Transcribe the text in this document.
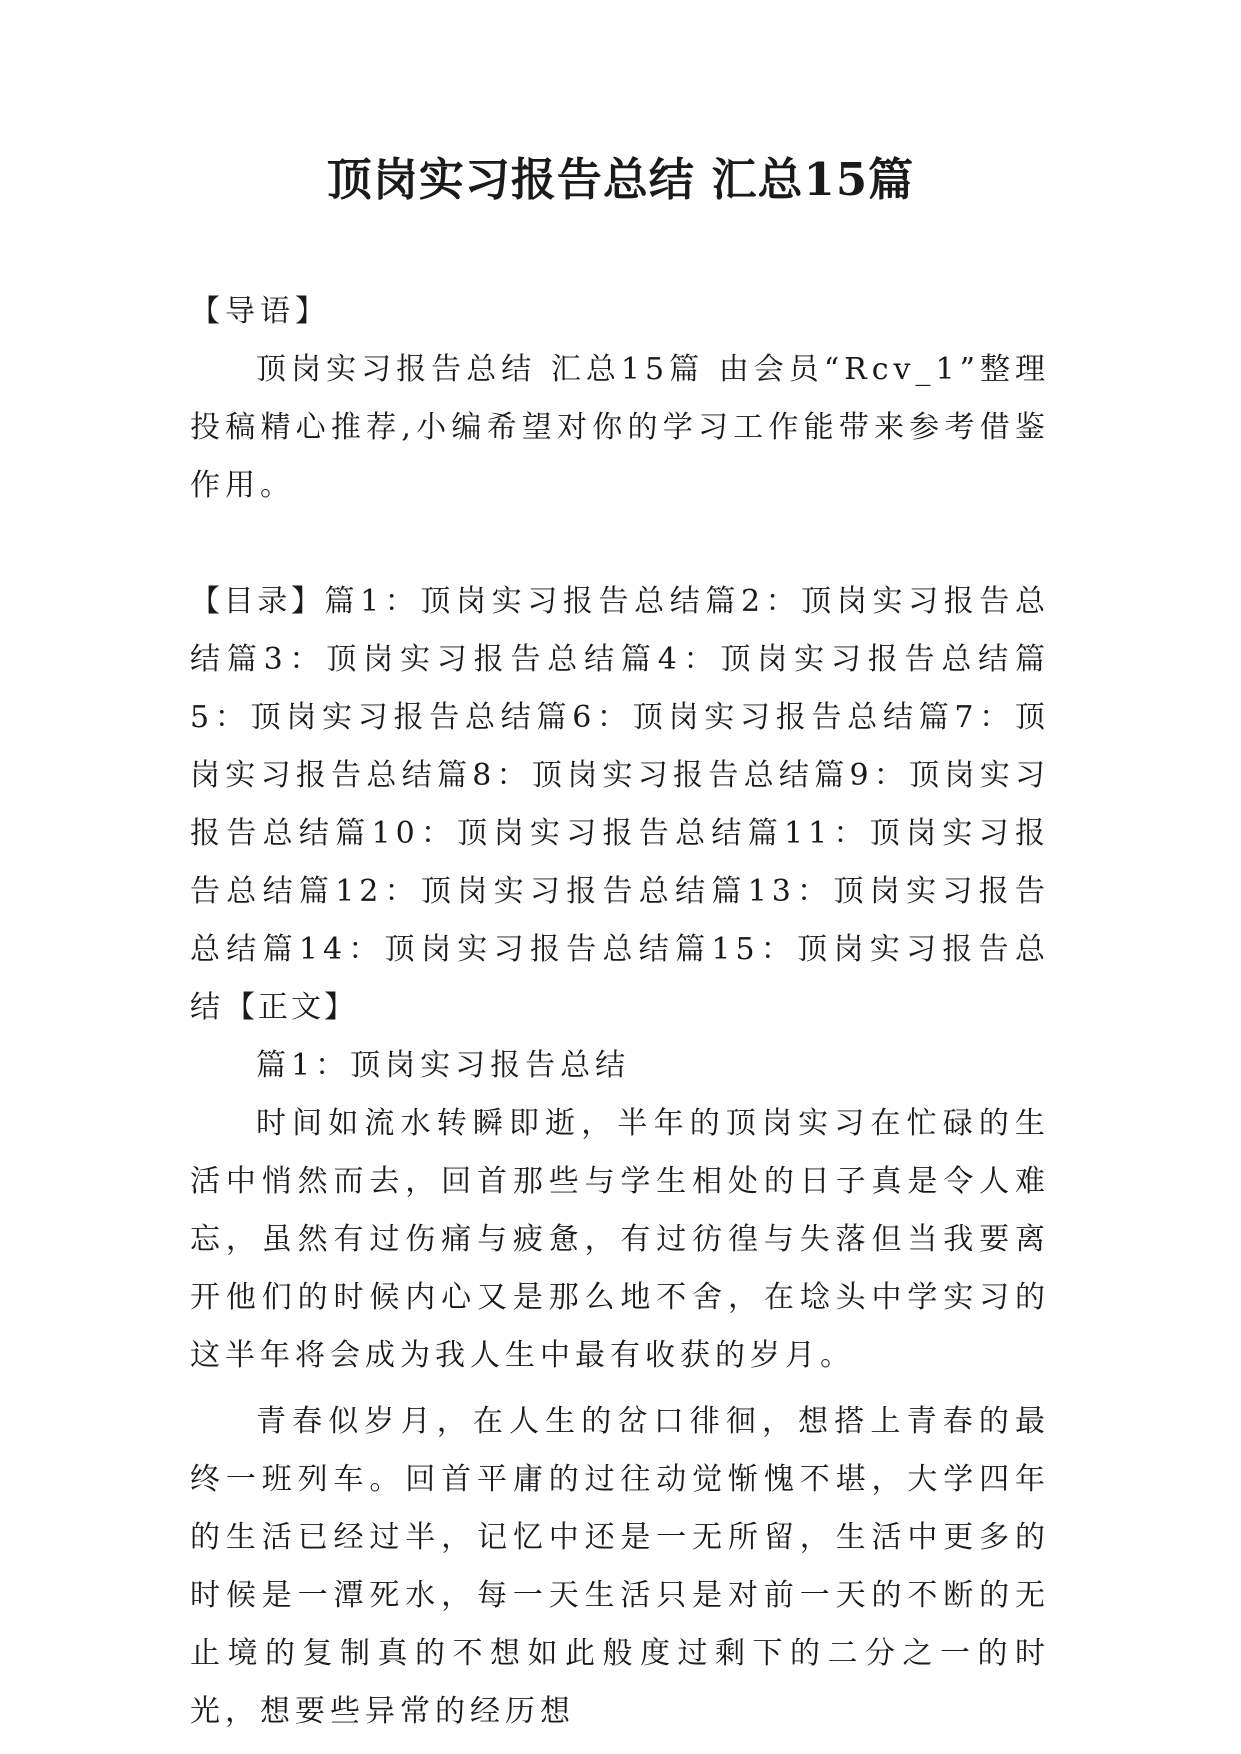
顶岗实习报告总结 汇总15篇

【导语】

顶岗实习报告总结 汇总15篇 由会员“Rcv_1”整理投稿精心推荐,小编希望对你的学习工作能带来参考借鉴作用。

【目录】篇1：顶岗实习报告总结篇2：顶岗实习报告总结篇3：顶岗实习报告总结篇4：顶岗实习报告总结篇5：顶岗实习报告总结篇6：顶岗实习报告总结篇7：顶岗实习报告总结篇8：顶岗实习报告总结篇9：顶岗实习报告总结篇10：顶岗实习报告总结篇11：顶岗实习报告总结篇12：顶岗实习报告总结篇13：顶岗实习报告总结篇14：顶岗实习报告总结篇15：顶岗实习报告总结【正文】

篇1：顶岗实习报告总结

时间如流水转瞬即逝，半年的顶岗实习在忙碌的生活中悄然而去，回首那些与学生相处的日子真是令人难忘，虽然有过伤痛与疲惫，有过彷徨与失落但当我要离开他们的时候内心又是那么地不舍，在埝头中学实习的这半年将会成为我人生中最有收获的岁月。

青春似岁月，在人生的岔口徘徊，想搭上青春的最终一班列车。回首平庸的过往动觉惭愧不堪，大学四年的生活已经过半，记忆中还是一无所留，生活中更多的时候是一潭死水，每一天生活只是对前一天的不断的无止境的复制真的不想如此般度过剩下的二分之一的时光，想要些异常的经历想
